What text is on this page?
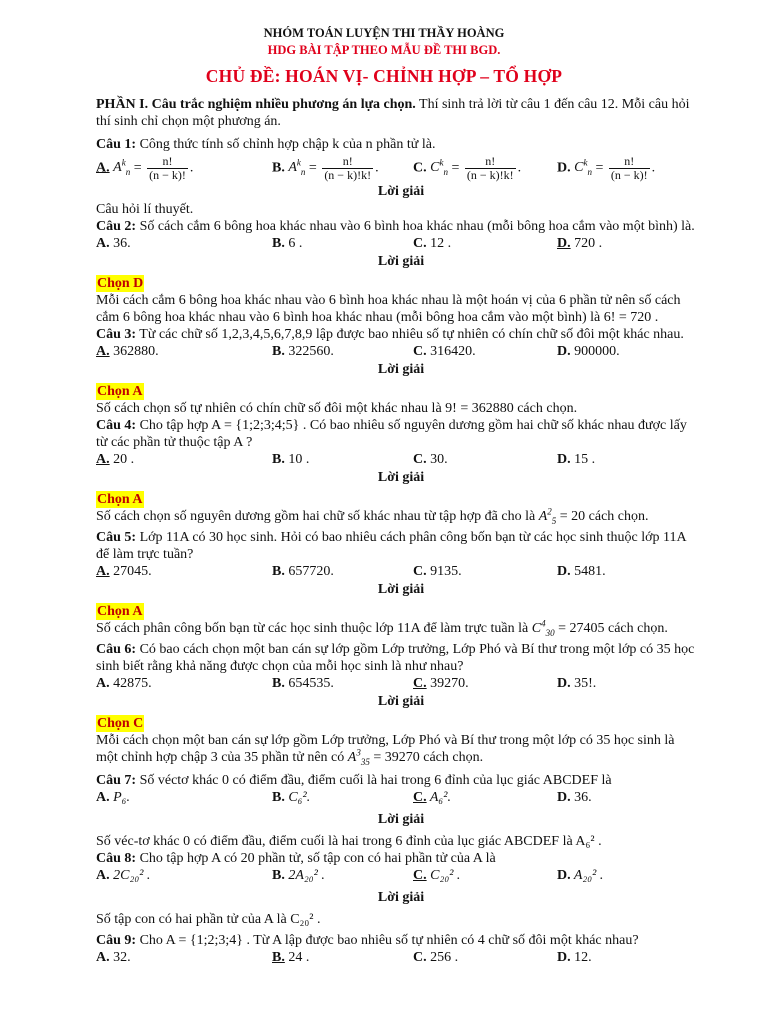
NHÓM TOÁN LUYỆN THI THẦY HOÀNG
HDG BÀI TẬP THEO MẪU ĐỀ THI BGD.
CHỦ ĐỀ: HOÁN VỊ- CHỈNH HỢP – TỔ HỢP

PHẦN I. Câu trắc nghiệm nhiều phương án lựa chọn. Thí sinh trả lời từ câu 1 đến câu 12. Mỗi câu hỏi

thí sinh chỉ chọn một phương án.

Câu 1: Công thức tính số chỉnh hợp chập k của n phần tử là.

A. $A^k_n = \frac{n!}{(n - k)!}$ .	B. $A^k_n = \frac{n!}{(n - k)!k!}$ .	C. $C^k_n = \frac{n!}{(n - k)!k!}$ .	D. $C^k_n = \frac{n!}{(n - k)!}$ .
Lời giải

Câu hỏi lí thuyết.

Câu 2: Số cách cắm 6 bông hoa khác nhau vào 6 bình hoa khác nhau (mỗi bông hoa cắm vào một bình) là.

A. 36.	B. 6 .	C. 12 .	D. 720 .
Lời giải
Chọn D

Mỗi cách cắm 6 bông hoa khác nhau vào 6 bình hoa khác nhau là một hoán vị của 6 phần tử nên số cách

cắm 6 bông hoa khác nhau vào 6 bình hoa khác nhau (mỗi bông hoa cắm vào một bình) là 6! = 720 .

Câu 3: Từ các chữ số 1,2,3,4,5,6,7,8,9 lập được bao nhiêu số tự nhiên có chín chữ số đôi một khác nhau.

A. 362880.	B. 322560.	C. 316420.	D. 900000.
Lời giải
Chọn A

Số cách chọn số tự nhiên có chín chữ số đôi một khác nhau là 9! = 362880 cách chọn.

Câu 4: Cho tập hợp A = {1;2;3;4;5} . Có bao nhiêu số nguyên dương gồm hai chữ số khác nhau được lấy

từ các phần tử thuộc tập A ?

A. 20 .	B. 10 .	C. 30.	D. 15 .
Lời giải
Chọn A

Số cách chọn số nguyên dương gồm hai chữ số khác nhau từ tập hợp đã cho là $A^2_5 = 20$ cách chọn.

Câu 5: Lớp 11A có 30 học sinh. Hỏi có bao nhiêu cách phân công bốn bạn từ các học sinh thuộc lớp 11A

để làm trực tuần?

A. 27045.	B. 657720.	C. 9135.	D. 5481.
Lời giải
Chọn A

Số cách phân công bốn bạn từ các học sinh thuộc lớp 11A để làm trực tuần là $C^4_{30} = 27405$ cách chọn.

Câu 6: Có bao cách chọn một ban cán sự lớp gồm Lớp trưởng, Lớp Phó và Bí thư trong một lớp có 35 học

sinh biết rằng khả năng được chọn của mỗi học sinh là như nhau?

A. 42875.	B. 654535.	C. 39270.	D. 35!.
Lời giải
Chọn C

Mỗi cách chọn một ban cán sự lớp gồm Lớp trưởng, Lớp Phó và Bí thư trong một lớp có 35 học sinh là

một chỉnh hợp chập 3 của 35 phần tử nên có $A^3_{35} = 39270$ cách chọn.

Câu 7: Số véctơ khác 0 có điểm đầu, điểm cuối là hai trong 6 đỉnh của lục giác ABCDEF là

A. P₆.	B. C₆².	C. A₆².	D. 36.
Lời giải

Số véc-tơ khác 0 có điểm đầu, điểm cuối là hai trong 6 đỉnh của lục giác ABCDEF là A₆² .

Câu 8: Cho tập hợp A có 20 phần tử, số tập con có hai phần tử của A là

A. 2C₂₀² .	B. 2A₂₀² .	C. C₂₀² .	D. A₂₀² .
Lời giải

Số tập con có hai phần tử của A là C₂₀² .

Câu 9: Cho A = {1;2;3;4} . Từ A lập được bao nhiêu số tự nhiên có 4 chữ số đôi một khác nhau?

A. 32.	B. 24 .	C. 256 .	D. 12.
